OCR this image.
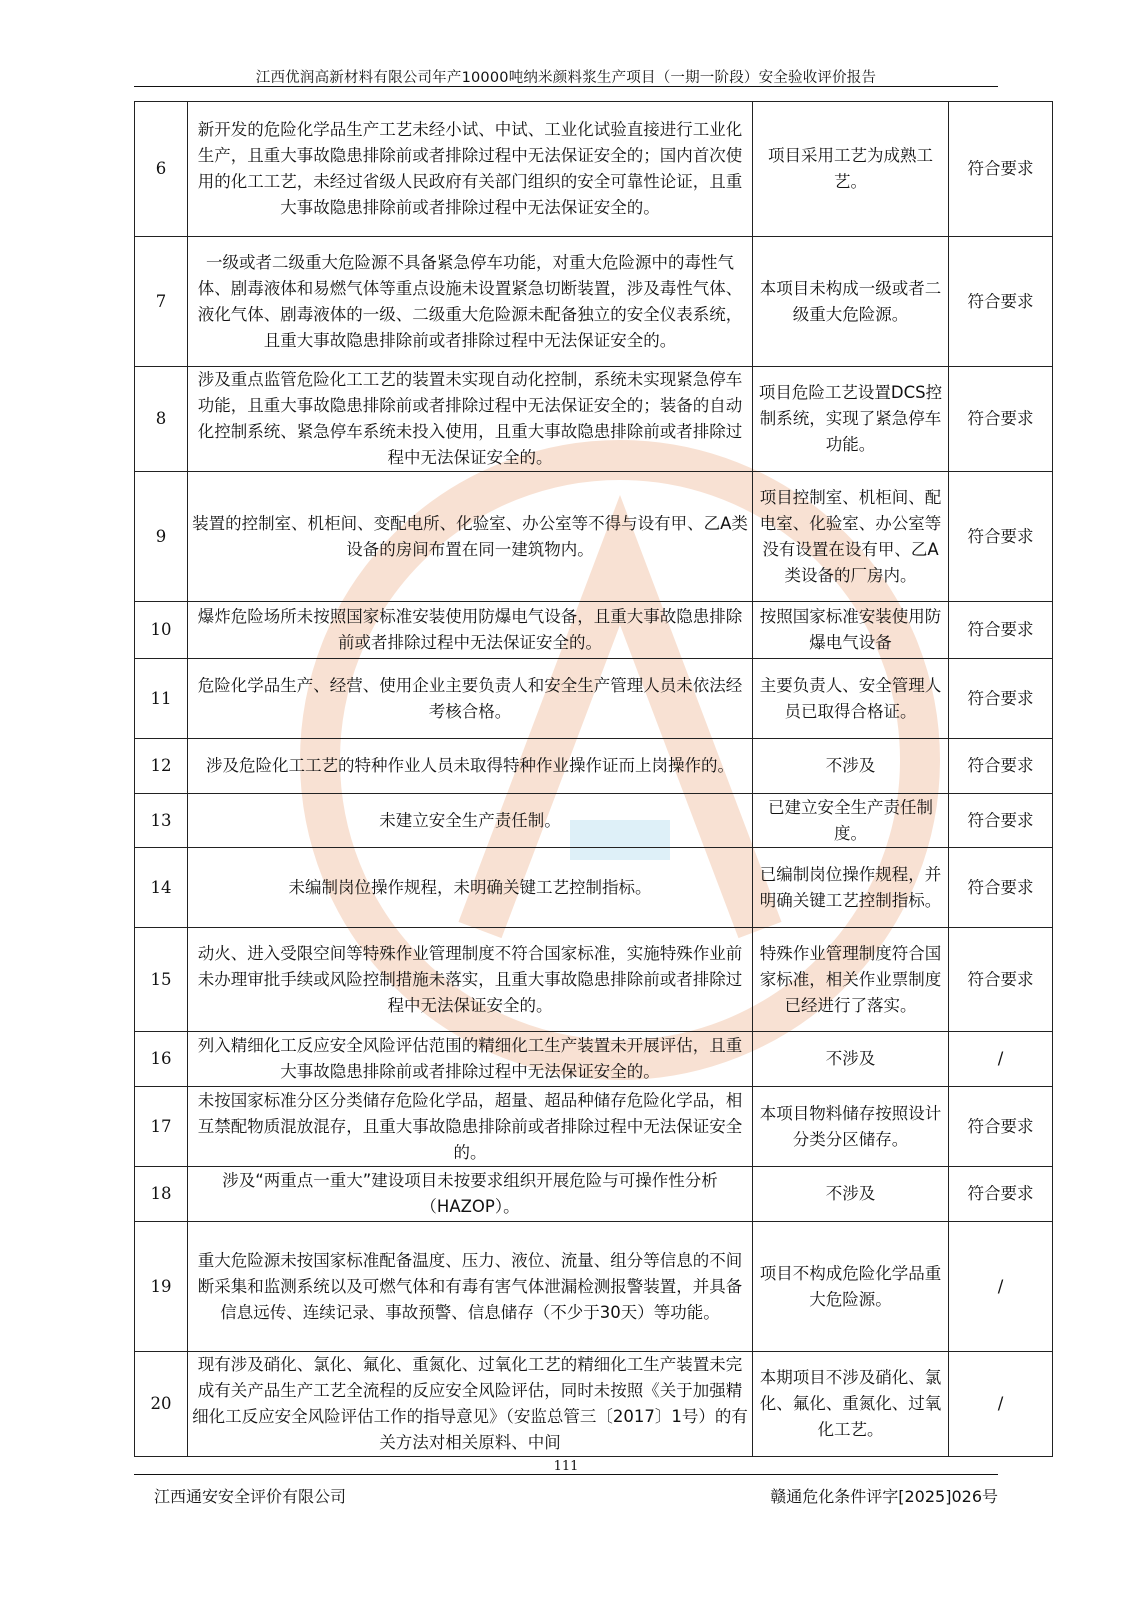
江西优润高新材料有限公司年产10000吨纳米颜料浆生产项目（一期一阶段）安全验收评价报告
6	新开发的危险化学品生产工艺未经小试、中试、工业化试验直接进行工业化生产，且重大事故隐患排除前或者排除过程中无法保证安全的；国内首次使用的化工工艺，未经过省级人民政府有关部门组织的安全可靠性论证，且重大事故隐患排除前或者排除过程中无法保证安全的。	项目采用工艺为成熟工艺。	符合要求
7	一级或者二级重大危险源不具备紧急停车功能，对重大危险源中的毒性气体、剧毒液体和易燃气体等重点设施未设置紧急切断装置，涉及毒性气体、液化气体、剧毒液体的一级、二级重大危险源未配备独立的安全仪表系统，且重大事故隐患排除前或者排除过程中无法保证安全的。	本项目未构成一级或者二级重大危险源。	符合要求
8	涉及重点监管危险化工工艺的装置未实现自动化控制，系统未实现紧急停车功能，且重大事故隐患排除前或者排除过程中无法保证安全的；装备的自动化控制系统、紧急停车系统未投入使用，且重大事故隐患排除前或者排除过程中无法保证安全的。	项目危险工艺设置DCS控制系统，实现了紧急停车功能。	符合要求
9	装置的控制室、机柜间、变配电所、化验室、办公室等不得与设有甲、乙A类设备的房间布置在同一建筑物内。	项目控制室、机柜间、配电室、化验室、办公室等没有设置在设有甲、乙A类设备的厂房内。	符合要求
10	爆炸危险场所未按照国家标准安装使用防爆电气设备，且重大事故隐患排除前或者排除过程中无法保证安全的。	按照国家标准安装使用防爆电气设备	符合要求
11	危险化学品生产、经营、使用企业主要负责人和安全生产管理人员未依法经考核合格。	主要负责人、安全管理人员已取得合格证。	符合要求
12	涉及危险化工工艺的特种作业人员未取得特种作业操作证而上岗操作的。	不涉及	符合要求
13	未建立安全生产责任制。	已建立安全生产责任制度。	符合要求
14	未编制岗位操作规程，未明确关键工艺控制指标。	已编制岗位操作规程，并明确关键工艺控制指标。	符合要求
15	动火、进入受限空间等特殊作业管理制度不符合国家标准，实施特殊作业前未办理审批手续或风险控制措施未落实，且重大事故隐患排除前或者排除过程中无法保证安全的。	特殊作业管理制度符合国家标准，相关作业票制度已经进行了落实。	符合要求
16	列入精细化工反应安全风险评估范围的精细化工生产装置未开展评估，且重大事故隐患排除前或者排除过程中无法保证安全的。	不涉及	/
17	未按国家标准分区分类储存危险化学品，超量、超品种储存危险化学品，相互禁配物质混放混存，且重大事故隐患排除前或者排除过程中无法保证安全的。	本项目物料储存按照设计分类分区储存。	符合要求
18	涉及“两重点一重大”建设项目未按要求组织开展危险与可操作性分析（HAZOP）。	不涉及	符合要求
19	重大危险源未按国家标准配备温度、压力、液位、流量、组分等信息的不间断采集和监测系统以及可燃气体和有毒有害气体泄漏检测报警装置，并具备信息远传、连续记录、事故预警、信息储存（不少于30天）等功能。	项目不构成危险化学品重大危险源。	/
20	现有涉及硝化、氯化、氟化、重氮化、过氧化工艺的精细化工生产装置未完成有关产品生产工艺全流程的反应安全风险评估，同时未按照《关于加强精细化工反应安全风险评估工作的指导意见》（安监总管三〔2017〕1号）的有关方法对相关原料、中间	本期项目不涉及硝化、氯化、氟化、重氮化、过氧化工艺。	/
111
江西通安安全评价有限公司	赣通危化条件评字[2025]026号
